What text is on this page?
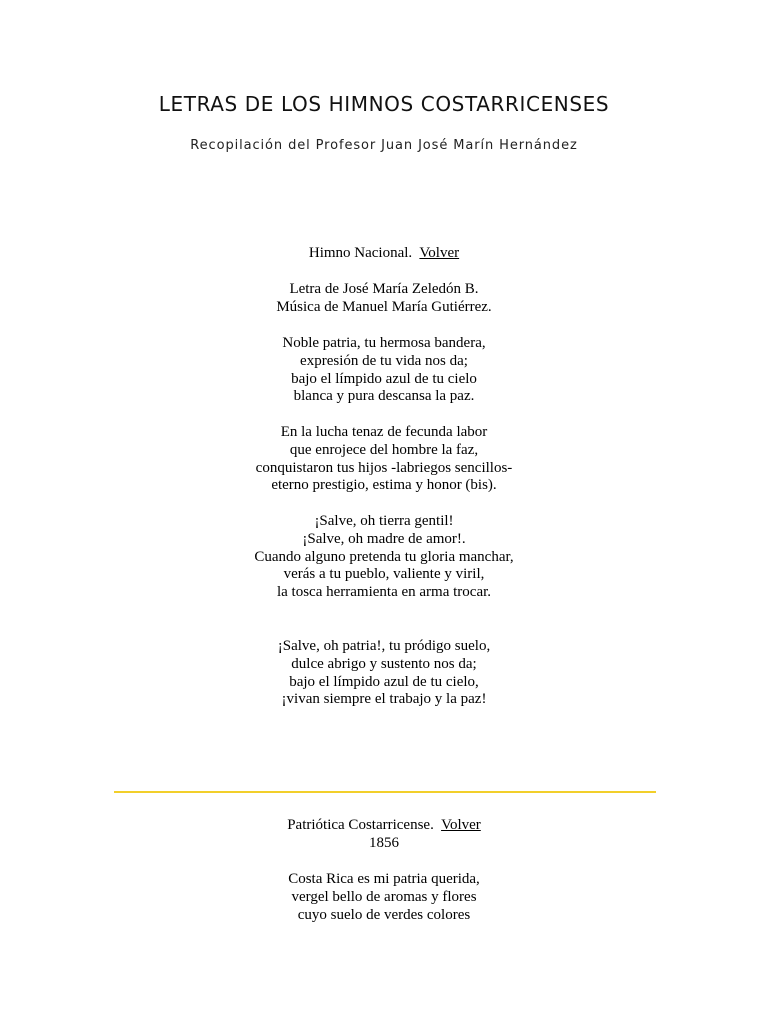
LETRAS DE LOS HIMNOS COSTARRICENSES
Recopilación del Profesor Juan José Marín Hernández
Himno Nacional. Volver
Letra de José María Zeledón B.
Música de Manuel María Gutiérrez.
Noble patria, tu hermosa bandera,
expresión de tu vida nos da;
bajo el límpido azul de tu cielo
blanca y pura descansa la paz.
En la lucha tenaz de fecunda labor
que enrojece del hombre la faz,
conquistaron tus hijos -labriegos sencillos-
eterno prestigio, estima y honor (bis).
¡Salve, oh tierra gentil!
¡Salve, oh madre de amor!.
Cuando alguno pretenda tu gloria manchar,
verás a tu pueblo, valiente y viril,
la tosca herramienta en arma trocar.
¡Salve, oh patria!, tu pródigo suelo,
dulce abrigo y sustento nos da;
bajo el límpido azul de tu cielo,
¡vivan siempre el trabajo y la paz!
Patriótica Costarricense. Volver
1856
Costa Rica es mi patria querida,
vergel bello de aromas y flores
cuyo suelo de verdes colores
